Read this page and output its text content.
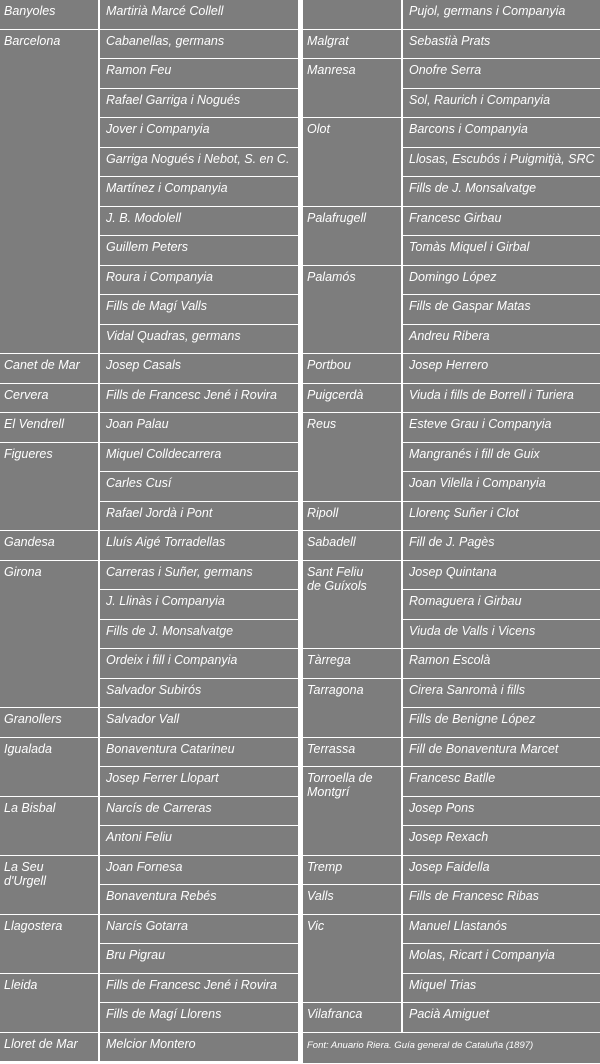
Banyoles	Martirià Marcé Collell

Barcelona	Cabanellas, germans
	Ramon Feu
	Rafael Garriga i Nogués
	Jover i Companyia
	Garriga Nogués i Nebot, S. en C.
	Martínez i Companyia
	J. B. Modolell
	Guillem Peters
	Roura i Companyia
	Fills de Magí Valls
	Vidal Quadras, germans

Canet de Mar	Josep Casals

Cervera	Fills de Francesc Jené i Rovira

El Vendrell	Joan Palau

Figueres	Miquel Colldecarrera
	Carles Cusí
	Rafael Jordà i Pont

Gandesa	Lluís Aigé Torradellas

Girona	Carreras i Suñer, germans
	J. Llinàs i Companyia
	Fills de J. Monsalvatge
	Ordeix i fill i Companyia
	Salvador Subirós

Granollers	Salvador Vall

Igualada	Bonaventura Catarineu
	Josep Ferrer Llopart

La Bisbal	Narcís de Carreras
	Antoni Feliu

La Seu
d'Urgell	Joan Fornesa
	Bonaventura Rebés

Llagostera	Narcís Gotarra
	Bru Pigrau

Lleida	Fills de Francesc Jené i Rovira
	Fills de Magí Llorens

Lloret de Mar	Melcior Montero
	Pujol, germans i Companyia

Malgrat	Sebastià Prats

Manresa	Onofre Serra
	Sol, Raurich i Companyia

Olot	Barcons i Companyia
	Llosas, Escubós i Puigmitjà, SRC
	Fills de J. Monsalvatge

Palafrugell	Francesc Girbau
	Tomàs Miquel i Girbal

Palamós	Domingo López
	Fills de Gaspar Matas
	Andreu Ribera

Portbou	Josep Herrero

Puigcerdà	Viuda i fills de Borrell i Turiera

Reus	Esteve Grau i Companyia
	Mangranés i fill de Guix
	Joan Vilella i Companyia

Ripoll	Llorenç Suñer i Clot

Sabadell	Fill de J. Pagès

Sant Feliu
de Guíxols	Josep Quintana
	Romaguera i Girbau
	Viuda de Valls i Vicens

Tàrrega	Ramon Escolà

Tarragona	Cirera Sanromà i fills
	Fills de Benigne López

Terrassa	Fill de Bonaventura Marcet

Torroella de
Montgrí	Francesc Batlle
	Josep Pons
	Josep Rexach

Tremp	Josep Faidella

Valls	Fills de Francesc Ribas

Vic	Manuel Llastanós
	Molas, Ricart i Companyia
	Miquel Trias

Vilafranca	Pacià Amiguet
Font: Anuario Riera. Guía general de Cataluña (1897)	
